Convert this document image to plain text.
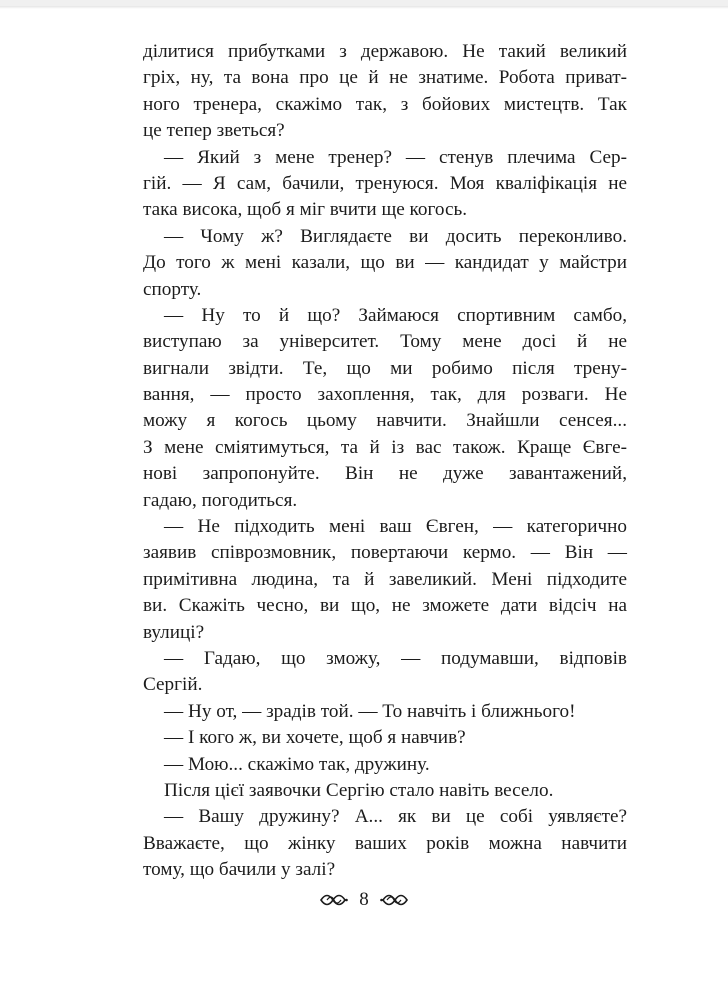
ділитися прибутками з державою. Не такий великий
гріх, ну, та вона про це й не знатиме. Робота приват-
ного тренера, скажімо так, з бойових мистецтв. Так
це тепер зветься?
— Який з мене тренер? — стенув плечима Сер-
гій. — Я сам, бачили, тренуюся. Моя кваліфікація не
така висока, щоб я міг вчити ще когось.
— Чому ж? Виглядаєте ви досить переконливо.
До того ж мені казали, що ви — кандидат у майстри
спорту.
— Ну то й що? Займаюся спортивним самбо,
виступаю за університет. Тому мене досі й не
вигнали звідти. Те, що ми робимо після трену-
вання, — просто захоплення, так, для розваги. Не
можу я когось цьому навчити. Знайшли сенсея...
З мене сміятимуться, та й із вас також. Краще Євге-
нові запропонуйте. Він не дуже завантажений,
гадаю, погодиться.
— Не підходить мені ваш Євген, — категорично
заявив співрозмовник, повертаючи кермо. — Він —
примітивна людина, та й завеликий. Мені підходите
ви. Скажіть чесно, ви що, не зможете дати відсіч на
вулиці?
— Гадаю, що зможу, — подумавши, відповів
Сергій.
— Ну от, — зрадів той. — То навчіть і ближнього!
— І кого ж, ви хочете, щоб я навчив?
— Мою... скажімо так, дружину.
Після цієї заявочки Сергію стало навіть весело.
— Вашу дружину? А... як ви це собі уявляєте?
Вважаєте, що жінку ваших років можна навчити
тому, що бачили у залі?
8
